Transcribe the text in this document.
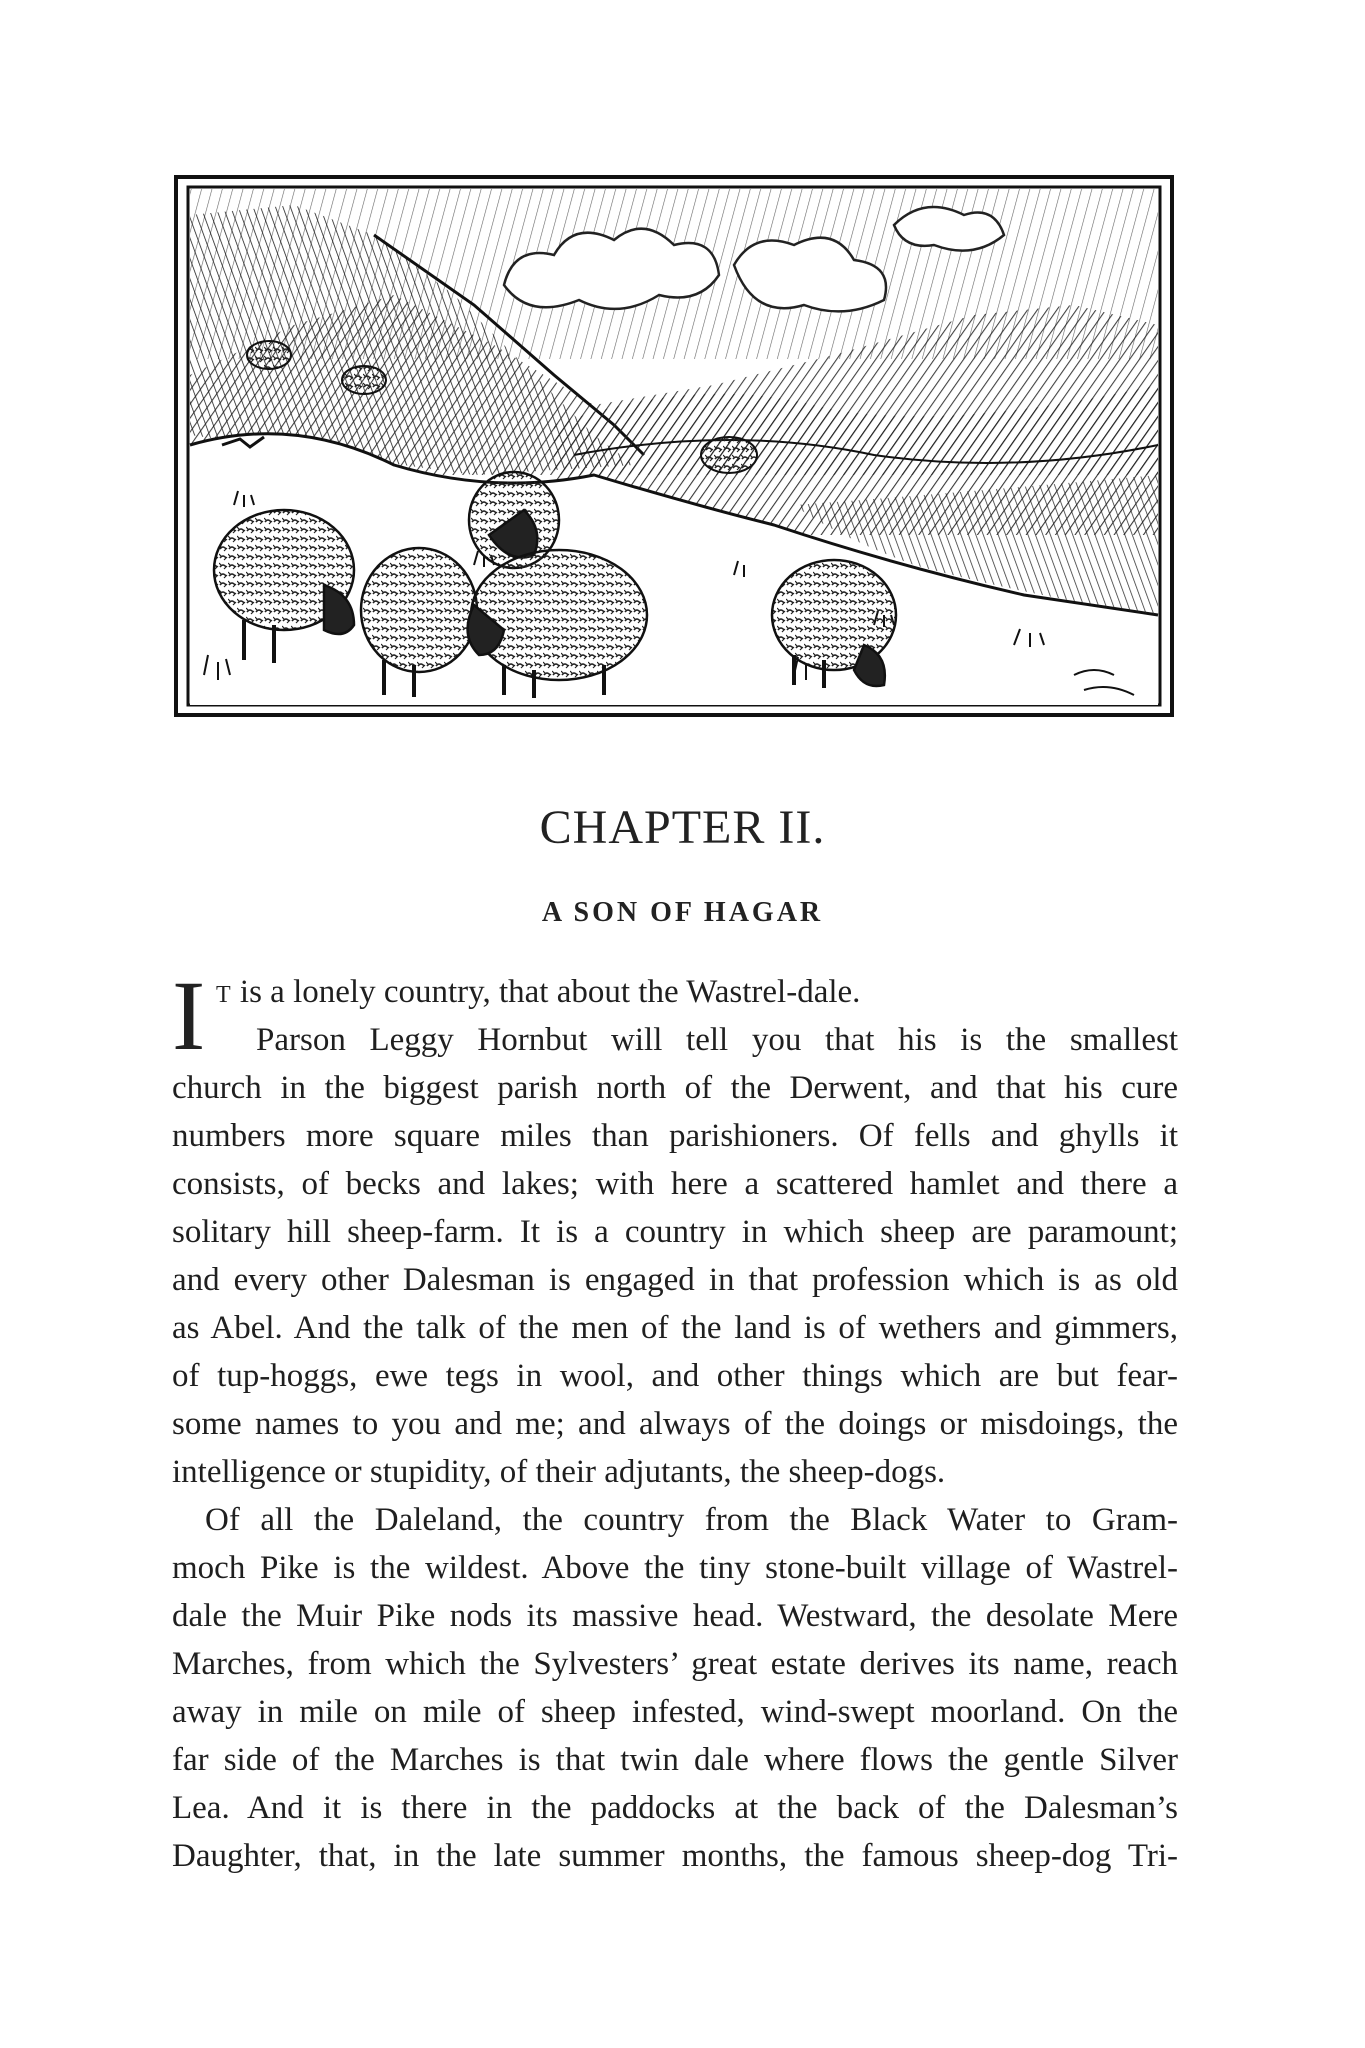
CHAPTER II.
A SON OF HAGAR
I T is a lonely country, that about the Wastrel-dale.
Parson Leggy Hornbut will tell you that his is the smallest
church in the biggest parish north of the Derwent, and that his cure
numbers more square miles than parishioners. Of fells and ghylls it
consists, of becks and lakes; with here a scattered hamlet and there a
solitary hill sheep-farm. It is a country in which sheep are paramount;
and every other Dalesman is engaged in that profession which is as old
as Abel. And the talk of the men of the land is of wethers and gimmers,
of tup-hoggs, ewe tegs in wool, and other things which are but fear-
some names to you and me; and always of the doings or misdoings, the
intelligence or stupidity, of their adjutants, the sheep-dogs.
Of all the Daleland, the country from the Black Water to Gram-
moch Pike is the wildest. Above the tiny stone-built village of Wastrel-
dale the Muir Pike nods its massive head. Westward, the desolate Mere
Marches, from which the Sylvesters’ great estate derives its name, reach
away in mile on mile of sheep infested, wind-swept moorland. On the
far side of the Marches is that twin dale where flows the gentle Silver
Lea. And it is there in the paddocks at the back of the Dalesman’s
Daughter, that, in the late summer months, the famous sheep-dog Tri-
